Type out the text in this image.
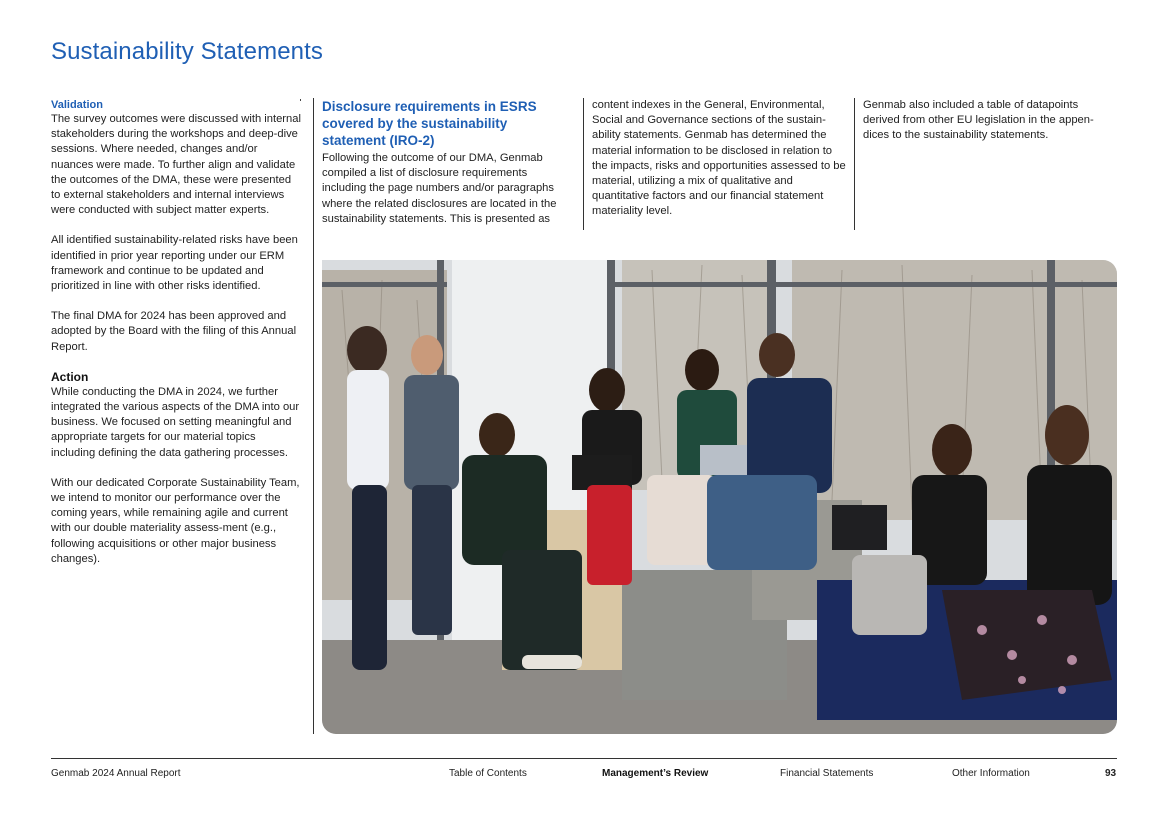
Sustainability Statements
Validation

The survey outcomes were discussed with internal stakeholders during the workshops and deep-dive sessions. Where needed, changes and/or nuances were made. To further align and validate the outcomes of the DMA, these were presented to external stakeholders and internal interviews were conducted with subject matter experts.

All identified sustainability-related risks have been identified in prior year reporting under our ERM framework and continue to be updated and prioritized in line with other risks identified.

The final DMA for 2024 has been approved and adopted by the Board with the filing of this Annual Report.

Action

While conducting the DMA in 2024, we further integrated the various aspects of the DMA into our business. We focused on setting meaningful and appropriate targets for our material topics including defining the data gathering processes.

With our dedicated Corporate Sustainability Team, we intend to monitor our performance over the coming years, while remaining agile and current with our double materiality assess-ment (e.g., following acquisitions or other major business changes).

Disclosure requirements in ESRS covered by the sustainability statement (IRO-2)

Following the outcome of our DMA, Genmab compiled a list of disclosure requirements including the page numbers and/or paragraphs where the related disclosures are located in the sustainability statements. This is presented as

content indexes in the General, Environmental, Social and Governance sections of the sustain-ability statements. Genmab has determined the material information to be disclosed in relation to the impacts, risks and opportunities assessed to be material, utilizing a mix of qualitative and quantitative factors and our financial statement materiality level.

Genmab also included a table of datapoints derived from other EU legislation in the appen-dices to the sustainability statements.

Genmab 2024 Annual Report	Table of Contents	Management’s Review	Financial Statements	Other Information	93
